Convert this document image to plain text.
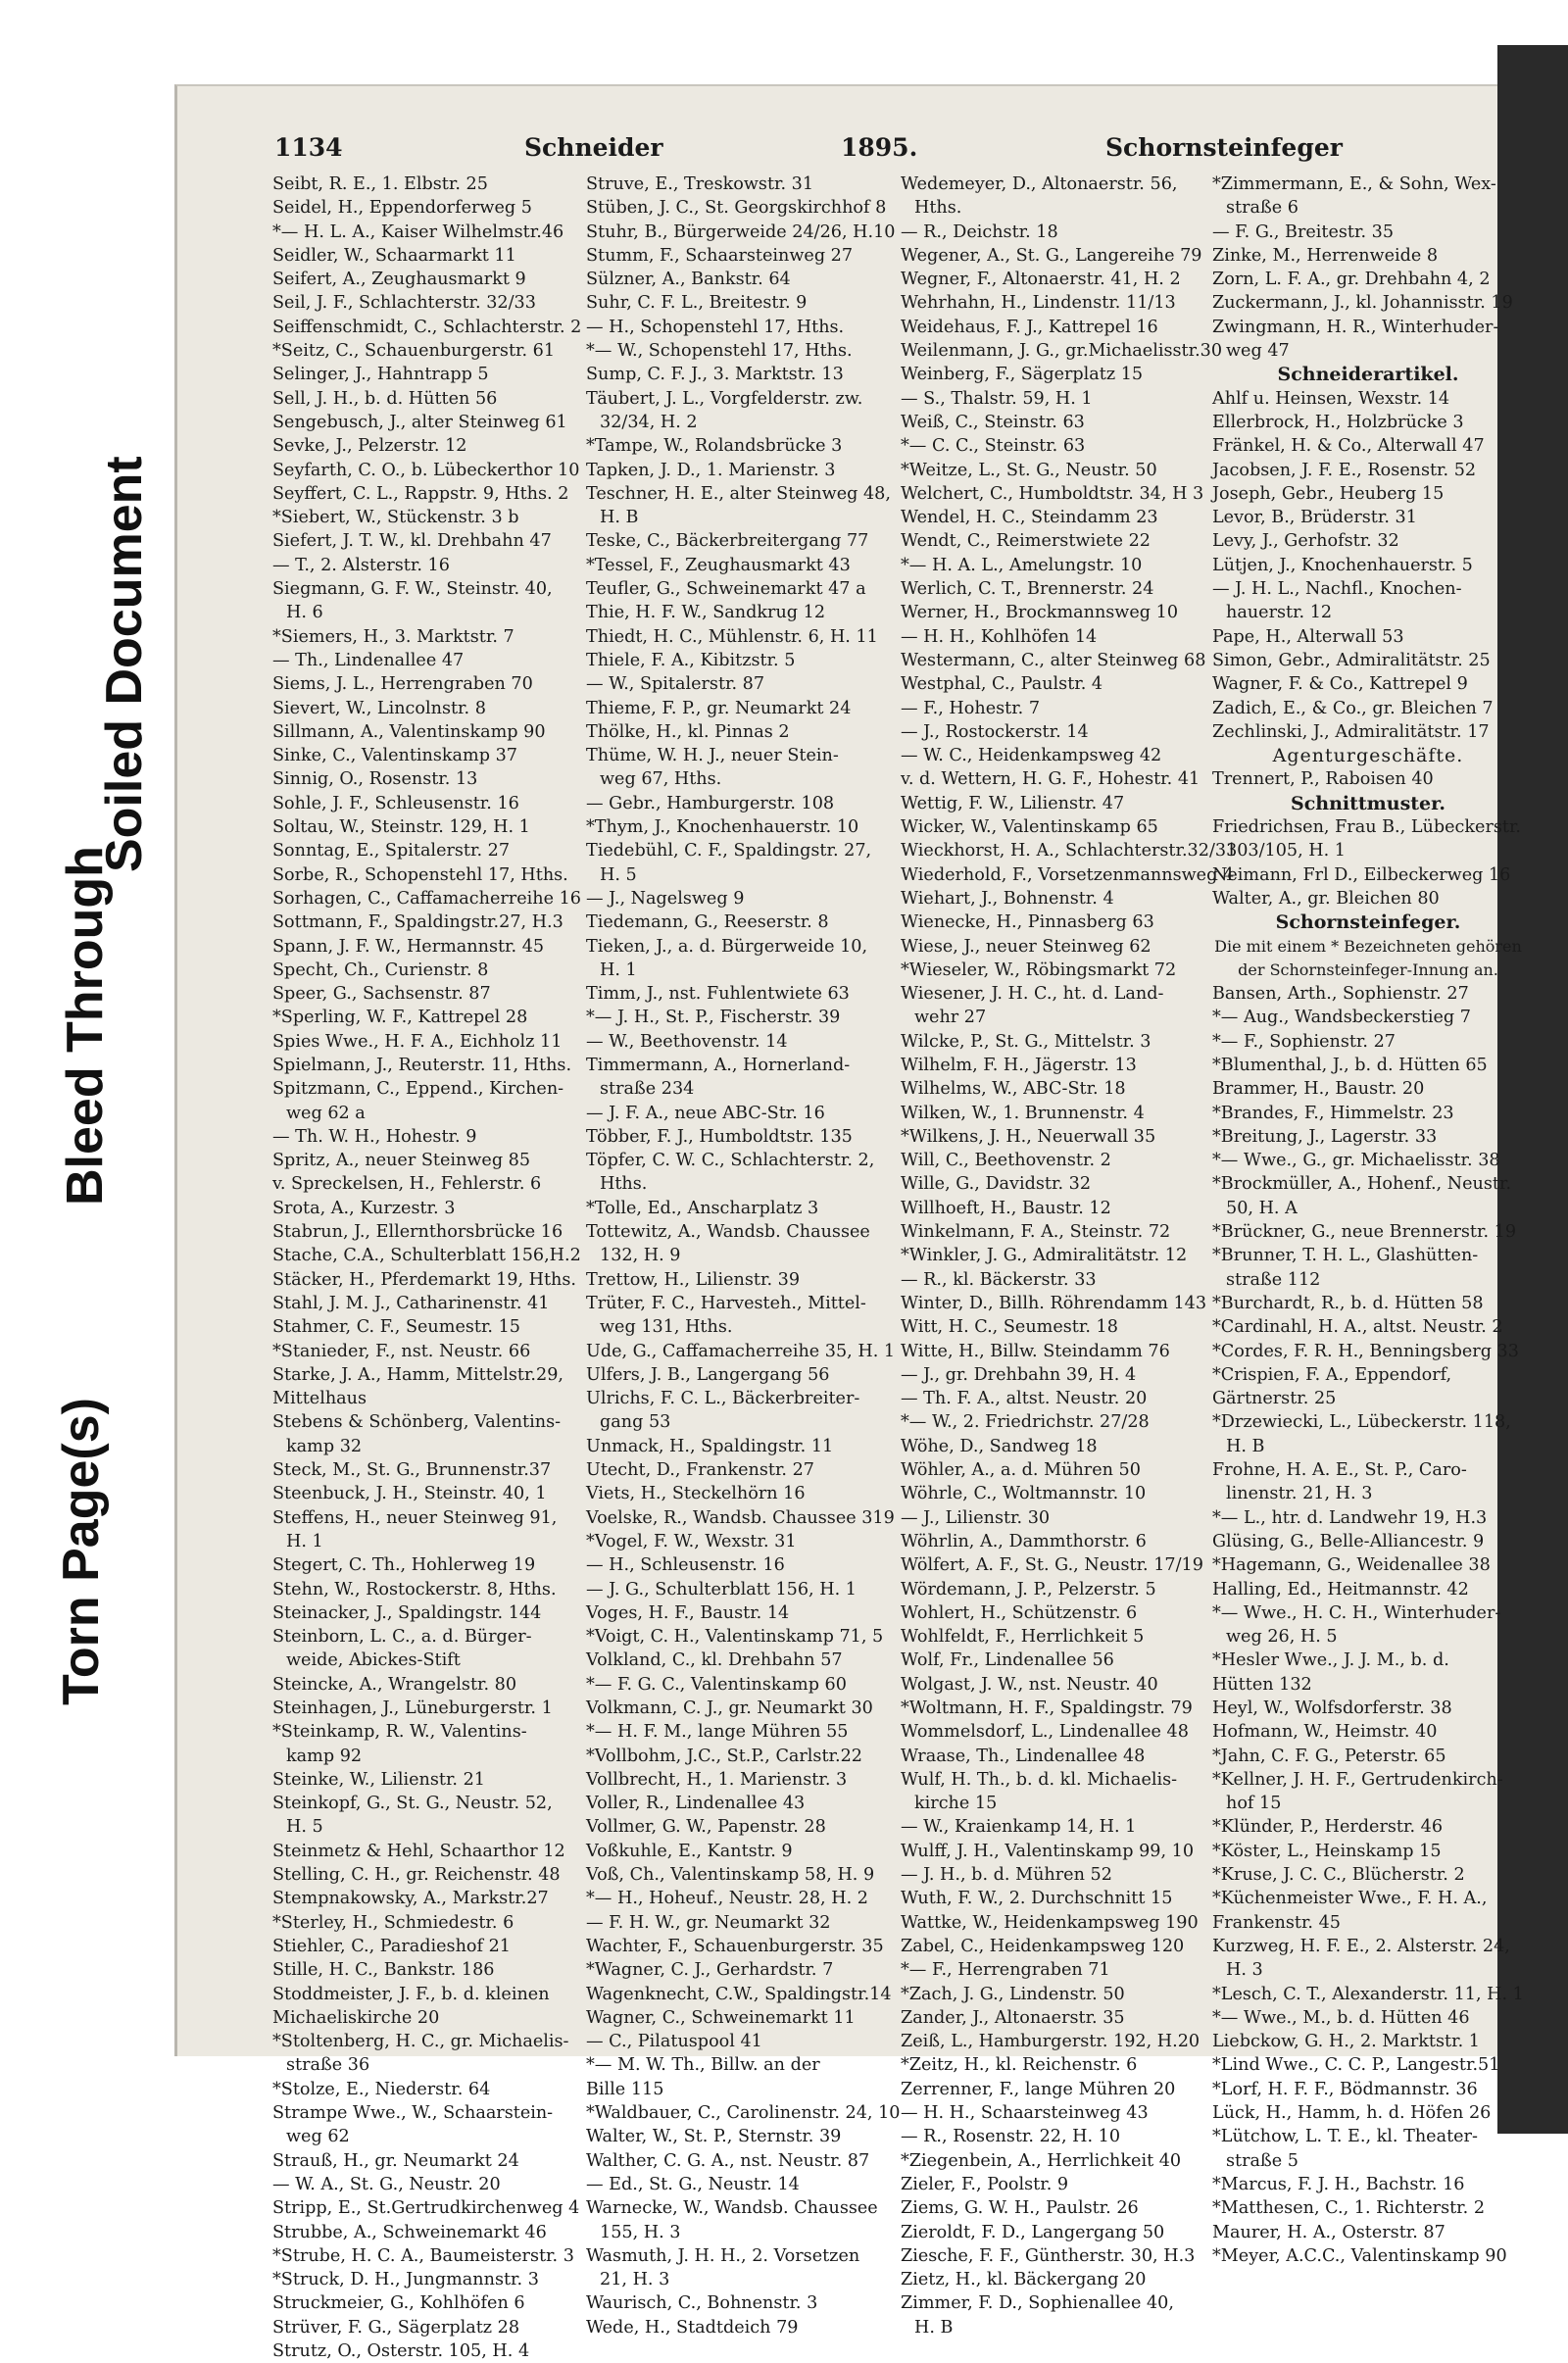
Soiled Document
Bleed Through
Torn Page(s)
1134	Schneider	1895.	Schornsteinfeger
Seibt, R. E., 1. Elbstr. 25
Seidel, H., Eppendorferweg 5
*— H. L. A., Kaiser Wilhelmstr.46
Seidler, W., Schaarmarkt 11
Seifert, A., Zeughausmarkt 9
Seil, J. F., Schlachterstr. 32/33
Seiffenschmidt, C., Schlachterstr. 2
*Seitz, C., Schauenburgerstr. 61
Selinger, J., Hahntrapp 5
Sell, J. H., b. d. Hütten 56
Sengebusch, J., alter Steinweg 61
Sevke, J., Pelzerstr. 12
Seyfarth, C. O., b. Lübeckerthor 10
Seyffert, C. L., Rappstr. 9, Hths. 2
*Siebert, W., Stückenstr. 3 b
Siefert, J. T. W., kl. Drehbahn 47
— T., 2. Alsterstr. 16
Siegmann, G. F. W., Steinstr. 40,
H. 6
*Siemers, H., 3. Marktstr. 7
— Th., Lindenallee 47
Siems, J. L., Herrengraben 70
Sievert, W., Lincolnstr. 8
Sillmann, A., Valentinskamp 90
Sinke, C., Valentinskamp 37
Sinnig, O., Rosenstr. 13
Sohle, J. F., Schleusenstr. 16
Soltau, W., Steinstr. 129, H. 1
Sonntag, E., Spitalerstr. 27
Sorbe, R., Schopenstehl 17, Hths.
Sorhagen, C., Caffamacherreihe 16
Sottmann, F., Spaldingstr.27, H.3
Spann, J. F. W., Hermannstr. 45
Specht, Ch., Curienstr. 8
Speer, G., Sachsenstr. 87
*Sperling, W. F., Kattrepel 28
Spies Wwe., H. F. A., Eichholz 11
Spielmann, J., Reuterstr. 11, Hths.
Spitzmann, C., Eppend., Kirchen-
weg 62 a
— Th. W. H., Hohestr. 9
Spritz, A., neuer Steinweg 85
v. Spreckelsen, H., Fehlerstr. 6
Srota, A., Kurzestr. 3
Stabrun, J., Ellernthorsbrücke 16
Stache, C.A., Schulterblatt 156,H.2
Stäcker, H., Pferdemarkt 19, Hths.
Stahl, J. M. J., Catharinenstr. 41
Stahmer, C. F., Seumestr. 15
*Stanieder, F., nst. Neustr. 66
Starke, J. A., Hamm, Mittelstr.29,
Mittelhaus
Stebens & Schönberg, Valentins-
kamp 32
Steck, M., St. G., Brunnenstr.37
Steenbuck, J. H., Steinstr. 40, 1
Steffens, H., neuer Steinweg 91,
H. 1
Stegert, C. Th., Hohlerweg 19
Stehn, W., Rostockerstr. 8, Hths.
Steinacker, J., Spaldingstr. 144
Steinborn, L. C., a. d. Bürger-
weide, Abickes-Stift
Steincke, A., Wrangelstr. 80
Steinhagen, J., Lüneburgerstr. 1
*Steinkamp, R. W., Valentins-
kamp 92
Steinke, W., Lilienstr. 21
Steinkopf, G., St. G., Neustr. 52,
H. 5
Steinmetz & Hehl, Schaarthor 12
Stelling, C. H., gr. Reichenstr. 48
Stempnakowsky, A., Markstr.27
*Sterley, H., Schmiedestr. 6
Stiehler, C., Paradieshof 21
Stille, H. C., Bankstr. 186
Stoddmeister, J. F., b. d. kleinen
Michaeliskirche 20
*Stoltenberg, H. C., gr. Michaelis-
straße 36
*Stolze, E., Niederstr. 64
Strampe Wwe., W., Schaarstein-
weg 62
Strauß, H., gr. Neumarkt 24
— W. A., St. G., Neustr. 20
Stripp, E., St.Gertrudkirchenweg 4
Strubbe, A., Schweinemarkt 46
*Strube, H. C. A., Baumeisterstr. 3
*Struck, D. H., Jungmannstr. 3
Struckmeier, G., Kohlhöfen 6
Strüver, F. G., Sägerplatz 28
Strutz, O., Osterstr. 105, H. 4
Struve, E., Treskowstr. 31
Stüben, J. C., St. Georgskirchhof 8
Stuhr, B., Bürgerweide 24/26, H.10
Stumm, F., Schaarsteinweg 27
Sülzner, A., Bankstr. 64
Suhr, C. F. L., Breitestr. 9
— H., Schopenstehl 17, Hths.
*— W., Schopenstehl 17, Hths.
Sump, C. F. J., 3. Marktstr. 13
Täubert, J. L., Vorgfelderstr. zw.
32/34, H. 2
*Tampe, W., Rolandsbrücke 3
Tapken, J. D., 1. Marienstr. 3
Teschner, H. E., alter Steinweg 48,
H. B
Teske, C., Bäckerbreitergang 77
*Tessel, F., Zeughausmarkt 43
Teufler, G., Schweinemarkt 47 a
Thie, H. F. W., Sandkrug 12
Thiedt, H. C., Mühlenstr. 6, H. 11
Thiele, F. A., Kibitzstr. 5
— W., Spitalerstr. 87
Thieme, F. P., gr. Neumarkt 24
Thölke, H., kl. Pinnas 2
Thüme, W. H. J., neuer Stein-
weg 67, Hths.
— Gebr., Hamburgerstr. 108
*Thym, J., Knochenhauerstr. 10
Tiedebühl, C. F., Spaldingstr. 27,
H. 5
— J., Nagelsweg 9
Tiedemann, G., Reeserstr. 8
Tieken, J., a. d. Bürgerweide 10,
H. 1
Timm, J., nst. Fuhlentwiete 63
*— J. H., St. P., Fischerstr. 39
— W., Beethovenstr. 14
Timmermann, A., Hornerland-
straße 234
— J. F. A., neue ABC-Str. 16
Többer, F. J., Humboldtstr. 135
Töpfer, C. W. C., Schlachterstr. 2,
Hths.
*Tolle, Ed., Anscharplatz 3
Tottewitz, A., Wandsb. Chaussee
132, H. 9
Trettow, H., Lilienstr. 39
Trüter, F. C., Harvesteh., Mittel-
weg 131, Hths.
Ude, G., Caffamacherreihe 35, H. 1
Ulfers, J. B., Langergang 56
Ulrichs, F. C. L., Bäckerbreiter-
gang 53
Unmack, H., Spaldingstr. 11
Utecht, D., Frankenstr. 27
Viets, H., Steckelhörn 16
Voelske, R., Wandsb. Chaussee 319
*Vogel, F. W., Wexstr. 31
— H., Schleusenstr. 16
— J. G., Schulterblatt 156, H. 1
Voges, H. F., Baustr. 14
*Voigt, C. H., Valentinskamp 71, 5
Volkland, C., kl. Drehbahn 57
*— F. G. C., Valentinskamp 60
Volkmann, C. J., gr. Neumarkt 30
*— H. F. M., lange Mühren 55
*Vollbohm, J.C., St.P., Carlstr.22
Vollbrecht, H., 1. Marienstr. 3
Voller, R., Lindenallee 43
Vollmer, G. W., Papenstr. 28
Voßkuhle, E., Kantstr. 9
Voß, Ch., Valentinskamp 58, H. 9
*— H., Hoheuf., Neustr. 28, H. 2
— F. H. W., gr. Neumarkt 32
Wachter, F., Schauenburgerstr. 35
*Wagner, C. J., Gerhardstr. 7
Wagenknecht, C.W., Spaldingstr.14
Wagner, C., Schweinemarkt 11
— C., Pilatuspool 41
*— M. W. Th., Billw. an der
Bille 115
*Waldbauer, C., Carolinenstr. 24, 10
Walter, W., St. P., Sternstr. 39
Walther, C. G. A., nst. Neustr. 87
— Ed., St. G., Neustr. 14
Warnecke, W., Wandsb. Chaussee
155, H. 3
Wasmuth, J. H. H., 2. Vorsetzen
21, H. 3
Waurisch, C., Bohnenstr. 3
Wede, H., Stadtdeich 79
Wedemeyer, D., Altonaerstr. 56,
Hths.
— R., Deichstr. 18
Wegener, A., St. G., Langereihe 79
Wegner, F., Altonaerstr. 41, H. 2
Wehrhahn, H., Lindenstr. 11/13
Weidehaus, F. J., Kattrepel 16
Weilenmann, J. G., gr.Michaelisstr.30
Weinberg, F., Sägerplatz 15
— S., Thalstr. 59, H. 1
Weiß, C., Steinstr. 63
*— C. C., Steinstr. 63
*Weitze, L., St. G., Neustr. 50
Welchert, C., Humboldtstr. 34, H 3
Wendel, H. C., Steindamm 23
Wendt, C., Reimerstwiete 22
*— H. A. L., Amelungstr. 10
Werlich, C. T., Brennerstr. 24
Werner, H., Brockmannsweg 10
— H. H., Kohlhöfen 14
Westermann, C., alter Steinweg 68
Westphal, C., Paulstr. 4
— F., Hohestr. 7
— J., Rostockerstr. 14
— W. C., Heidenkampsweg 42
v. d. Wettern, H. G. F., Hohestr. 41
Wettig, F. W., Lilienstr. 47
Wicker, W., Valentinskamp 65
Wieckhorst, H. A., Schlachterstr.32/33
Wiederhold, F., Vorsetzenmannsweg 4
Wiehart, J., Bohnenstr. 4
Wienecke, H., Pinnasberg 63
Wiese, J., neuer Steinweg 62
*Wieseler, W., Röbingsmarkt 72
Wiesener, J. H. C., ht. d. Land-
wehr 27
Wilcke, P., St. G., Mittelstr. 3
Wilhelm, F. H., Jägerstr. 13
Wilhelms, W., ABC-Str. 18
Wilken, W., 1. Brunnenstr. 4
*Wilkens, J. H., Neuerwall 35
Will, C., Beethovenstr. 2
Wille, G., Davidstr. 32
Willhoeft, H., Baustr. 12
Winkelmann, F. A., Steinstr. 72
*Winkler, J. G., Admiralitätstr. 12
— R., kl. Bäckerstr. 33
Winter, D., Billh. Röhrendamm 143
Witt, H. C., Seumestr. 18
Witte, H., Billw. Steindamm 76
— J., gr. Drehbahn 39, H. 4
— Th. F. A., altst. Neustr. 20
*— W., 2. Friedrichstr. 27/28
Wöhe, D., Sandweg 18
Wöhler, A., a. d. Mühren 50
Wöhrle, C., Woltmannstr. 10
— J., Lilienstr. 30
Wöhrlin, A., Dammthorstr. 6
Wölfert, A. F., St. G., Neustr. 17/19
Wördemann, J. P., Pelzerstr. 5
Wohlert, H., Schützenstr. 6
Wohlfeldt, F., Herrlichkeit 5
Wolf, Fr., Lindenallee 56
Wolgast, J. W., nst. Neustr. 40
*Woltmann, H. F., Spaldingstr. 79
Wommelsdorf, L., Lindenallee 48
Wraase, Th., Lindenallee 48
Wulf, H. Th., b. d. kl. Michaelis-
kirche 15
— W., Kraienkamp 14, H. 1
Wulff, J. H., Valentinskamp 99, 10
— J. H., b. d. Mühren 52
Wuth, F. W., 2. Durchschnitt 15
Wattke, W., Heidenkampsweg 190
Zabel, C., Heidenkampsweg 120
*— F., Herrengraben 71
*Zach, J. G., Lindenstr. 50
Zander, J., Altonaerstr. 35
Zeiß, L., Hamburgerstr. 192, H.20
*Zeitz, H., kl. Reichenstr. 6
Zerrenner, F., lange Mühren 20
— H. H., Schaarsteinweg 43
— R., Rosenstr. 22, H. 10
*Ziegenbein, A., Herrlichkeit 40
Zieler, F., Poolstr. 9
Ziems, G. W. H., Paulstr. 26
Zieroldt, F. D., Langergang 50
Ziesche, F. F., Güntherstr. 30, H.3
Zietz, H., kl. Bäckergang 20
Zimmer, F. D., Sophienallee 40,
H. B
*Zimmermann, E., & Sohn, Wex-
straße 6
— F. G., Breitestr. 35
Zinke, M., Herrenweide 8
Zorn, L. F. A., gr. Drehbahn 4, 2
Zuckermann, J., kl. Johannisstr. 19
Zwingmann, H. R., Winterhuder-
weg 47
Schneiderartikel.
Ahlf u. Heinsen, Wexstr. 14
Ellerbrock, H., Holzbrücke 3
Fränkel, H. & Co., Alterwall 47
Jacobsen, J. F. E., Rosenstr. 52
Joseph, Gebr., Heuberg 15
Levor, B., Brüderstr. 31
Levy, J., Gerhofstr. 32
Lütjen, J., Knochenhauerstr. 5
— J. H. L., Nachfl., Knochen-
hauerstr. 12
Pape, H., Alterwall 53
Simon, Gebr., Admiralitätstr. 25
Wagner, F. & Co., Kattrepel 9
Zadich, E., & Co., gr. Bleichen 7
Zechlinski, J., Admiralitätstr. 17
Agenturgeschäfte.
Trennert, P., Raboisen 40
Schnittmuster.
Friedrichsen, Frau B., Lübeckerstr.
103/105, H. 1
Neimann, Frl D., Eilbeckerweg 16
Walter, A., gr. Bleichen 80
Schornsteinfeger.
Die mit einem * Bezeichneten gehören
der Schornsteinfeger-Innung an.
Bansen, Arth., Sophienstr. 27
*— Aug., Wandsbeckerstieg 7
*— F., Sophienstr. 27
*Blumenthal, J., b. d. Hütten 65
Brammer, H., Baustr. 20
*Brandes, F., Himmelstr. 23
*Breitung, J., Lagerstr. 33
*— Wwe., G., gr. Michaelisstr. 38
*Brockmüller, A., Hohenf., Neustr.
50, H. A
*Brückner, G., neue Brennerstr. 19
*Brunner, T. H. L., Glashütten-
straße 112
*Burchardt, R., b. d. Hütten 58
*Cardinahl, H. A., altst. Neustr. 2
*Cordes, F. R. H., Benningsberg 33
*Crispien, F. A., Eppendorf,
Gärtnerstr. 25
*Drzewiecki, L., Lübeckerstr. 118,
H. B
Frohne, H. A. E., St. P., Caro-
linenstr. 21, H. 3
*— L., htr. d. Landwehr 19, H.3
Glüsing, G., Belle-Alliancestr. 9
*Hagemann, G., Weidenallee 38
Halling, Ed., Heitmannstr. 42
*— Wwe., H. C. H., Winterhuder-
weg 26, H. 5
*Hesler Wwe., J. J. M., b. d.
Hütten 132
Heyl, W., Wolfsdorferstr. 38
Hofmann, W., Heimstr. 40
*Jahn, C. F. G., Peterstr. 65
*Kellner, J. H. F., Gertrudenkirch-
hof 15
*Klünder, P., Herderstr. 46
*Köster, L., Heinskamp 15
*Kruse, J. C. C., Blücherstr. 2
*Küchenmeister Wwe., F. H. A.,
Frankenstr. 45
Kurzweg, H. F. E., 2. Alsterstr. 24,
H. 3
*Lesch, C. T., Alexanderstr. 11, H. 1
*— Wwe., M., b. d. Hütten 46
Liebckow, G. H., 2. Marktstr. 1
*Lind Wwe., C. C. P., Langestr.51
*Lorf, H. F. F., Bödmannstr. 36
Lück, H., Hamm, h. d. Höfen 26
*Lütchow, L. T. E., kl. Theater-
straße 5
*Marcus, F. J. H., Bachstr. 16
*Matthesen, C., 1. Richterstr. 2
Maurer, H. A., Osterstr. 87
*Meyer, A.C.C., Valentinskamp 90
